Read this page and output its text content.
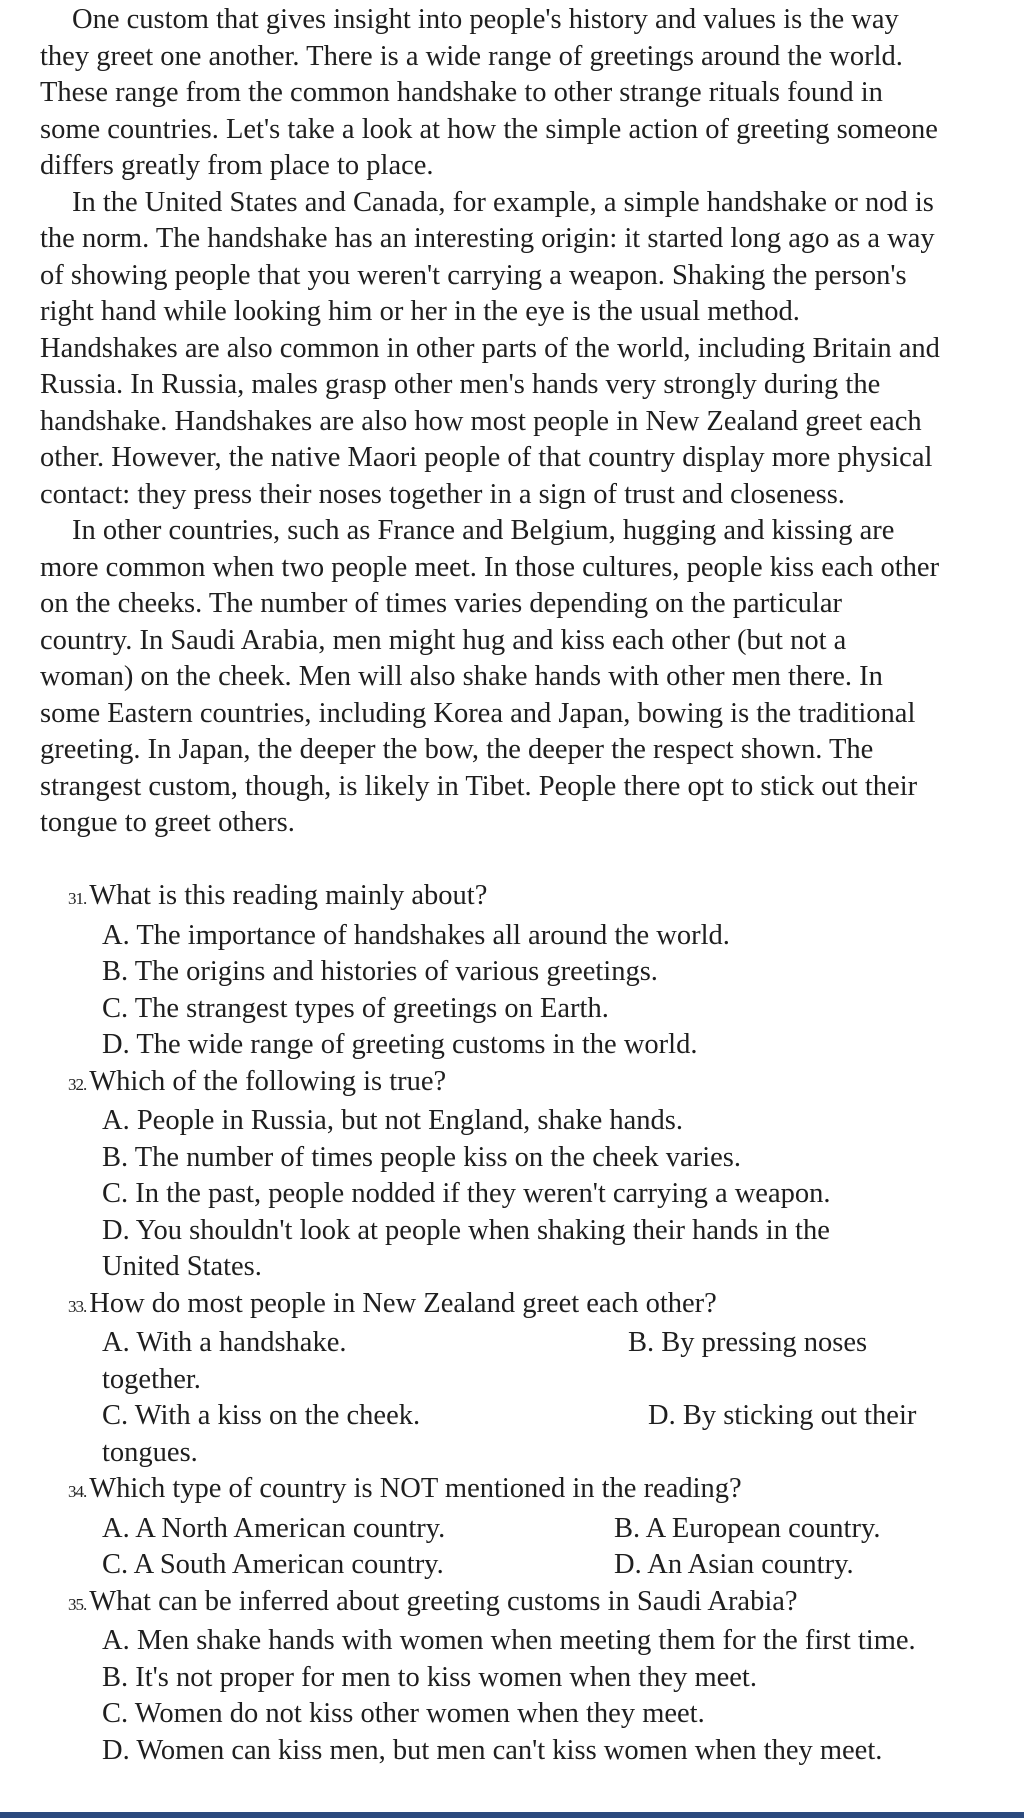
One custom that gives insight into people's history and values is the way they greet one another. There is a wide range of greetings around the world. These range from the common handshake to other strange rituals found in some countries. Let's take a look at how the simple action of greeting someone differs greatly from place to place.

In the United States and Canada, for example, a simple handshake or nod is the norm. The handshake has an interesting origin: it started long ago as a way of showing people that you weren't carrying a weapon. Shaking the person's right hand while looking him or her in the eye is the usual method. Handshakes are also common in other parts of the world, including Britain and Russia. In Russia, males grasp other men's hands very strongly during the handshake. Handshakes are also how most people in New Zealand greet each other. However, the native Maori people of that country display more physical contact: they press their noses together in a sign of trust and closeness.

In other countries, such as France and Belgium, hugging and kissing are more common when two people meet. In those cultures, people kiss each other on the cheeks. The number of times varies depending on the particular country. In Saudi Arabia, men might hug and kiss each other (but not a woman) on the cheek. Men will also shake hands with other men there. In some Eastern countries, including Korea and Japan, bowing is the traditional greeting. In Japan, the deeper the bow, the deeper the respect shown. The strangest custom, though, is likely in Tibet. People there opt to stick out their tongue to greet others.

31. What is this reading mainly about?

A. The importance of handshakes all around the world.

B. The origins and histories of various greetings.

C. The strangest types of greetings on Earth.

D. The wide range of greeting customs in the world.

32. Which of the following is true?

A. People in Russia, but not England, shake hands.

B. The number of times people kiss on the cheek varies.

C. In the past, people nodded if they weren't carrying a weapon.

D. You shouldn't look at people when shaking their hands in the United States.

33. How do most people in New Zealand greet each other?

A. With a handshake.	B. By pressing noses

together.

C. With a kiss on the cheek.	D. By sticking out their

tongues.

34. Which type of country is NOT mentioned in the reading?

A. A North American country.	B. A European country.
C. A South American country.	D. An Asian country.

35. What can be inferred about greeting customs in Saudi Arabia?

A. Men shake hands with women when meeting them for the first time.

B. It's not proper for men to kiss women when they meet.

C. Women do not kiss other women when they meet.

D. Women can kiss men, but men can't kiss women when they meet.
